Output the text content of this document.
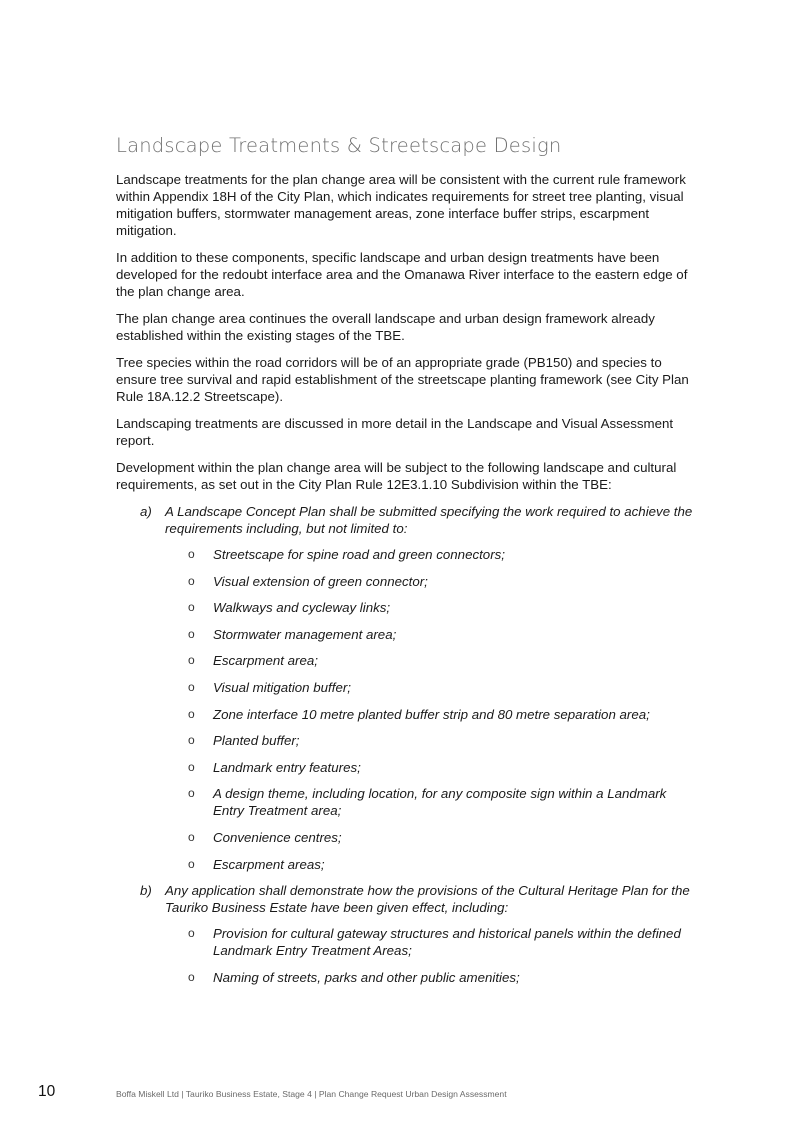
Landscape Treatments & Streetscape Design

Landscape treatments for the plan change area will be consistent with the current rule framework within Appendix 18H of the City Plan, which indicates requirements for street tree planting, visual mitigation buffers, stormwater management areas, zone interface buffer strips, escarpment mitigation.

In addition to these components, specific landscape and urban design treatments have been developed for the redoubt interface area and the Omanawa River interface to the eastern edge of the plan change area.

The plan change area continues the overall landscape and urban design framework already established within the existing stages of the TBE.

Tree species within the road corridors will be of an appropriate grade (PB150) and species to ensure tree survival and rapid establishment of the streetscape planting framework (see City Plan Rule 18A.12.2 Streetscape).

Landscaping treatments are discussed in more detail in the Landscape and Visual Assessment report.

Development within the plan change area will be subject to the following landscape and cultural requirements, as set out in the City Plan Rule 12E3.1.10 Subdivision within the TBE:

a) A Landscape Concept Plan shall be submitted specifying the work required to achieve the requirements including, but not limited to:
o Streetscape for spine road and green connectors;
o Visual extension of green connector;
o Walkways and cycleway links;
o Stormwater management area;
o Escarpment area;
o Visual mitigation buffer;
o Zone interface 10 metre planted buffer strip and 80 metre separation area;
o Planted buffer;
o Landmark entry features;
o A design theme, including location, for any composite sign within a Landmark Entry Treatment area;
o Convenience centres;
o Escarpment areas;
b) Any application shall demonstrate how the provisions of the Cultural Heritage Plan for the Tauriko Business Estate have been given effect, including:
o Provision for cultural gateway structures and historical panels within the defined Landmark Entry Treatment Areas;
o Naming of streets, parks and other public amenities;
10	Boffa Miskell Ltd | Tauriko Business Estate, Stage 4 | Plan Change Request Urban Design Assessment
